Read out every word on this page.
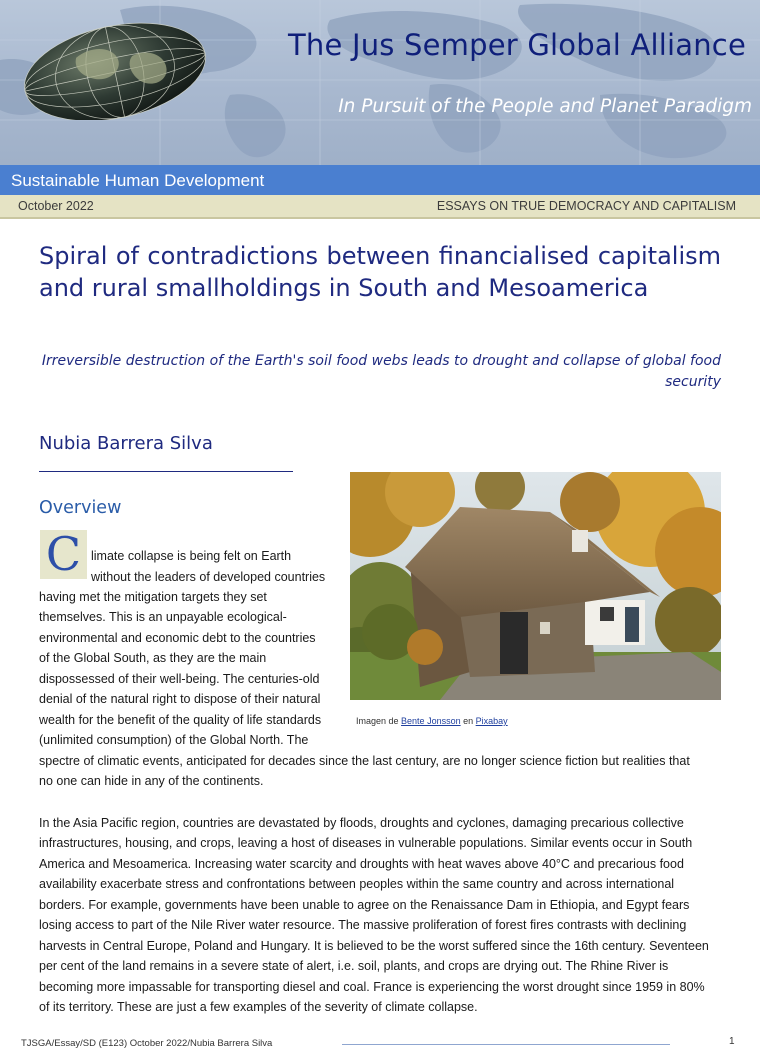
The Jus Semper Global Alliance
In Pursuit of the People and Planet Paradigm
Sustainable Human Development
October 2022	ESSAYS ON TRUE DEMOCRACY AND CAPITALISM
Spiral of contradictions between financialised capitalism and rural smallholdings in South and Mesoamerica
Irreversible destruction of the Earth's soil food webs leads to drought and collapse of global food
security
Nubia Barrera Silva
Overview
C limate collapse is being felt on Earth
without the leaders of developed countries
having met the mitigation targets they set
themselves. This is an unpayable ecological-
environmental and economic debt to the countries
of the Global South, as they are the main
dispossessed of their well-being. The centuries-old
denial of the natural right to dispose of their natural
wealth for the benefit of the quality of life standards
(unlimited consumption) of the Global North. The
spectre of climatic events, anticipated for decades since the last century, are no longer science fiction but realities that
no one can hide in any of the continents.
In the Asia Pacific region, countries are devastated by floods, droughts and cyclones, damaging precarious collective
infrastructures, housing, and crops, leaving a host of diseases in vulnerable populations. Similar events occur in South
America and Mesoamerica. Increasing water scarcity and droughts with heat waves above 40°C and precarious food
availability exacerbate stress and confrontations between peoples within the same country and across international
borders. For example, governments have been unable to agree on the Renaissance Dam in Ethiopia, and Egypt fears
losing access to part of the Nile River water resource. The massive proliferation of forest fires contrasts with declining
harvests in Central Europe, Poland and Hungary. It is believed to be the worst suffered since the 16th century. Seventeen
per cent of the land remains in a severe state of alert, i.e. soil, plants, and crops are drying out. The Rhine River is
becoming more impassable for transporting diesel and coal. France is experiencing the worst drought since 1959 in 80%
of its territory. These are just a few examples of the severity of climate collapse.
Imagen de Bente Jonsson en Pixabay
TJSGA/Essay/SD (E123) October 2022/Nubia Barrera Silva	1
